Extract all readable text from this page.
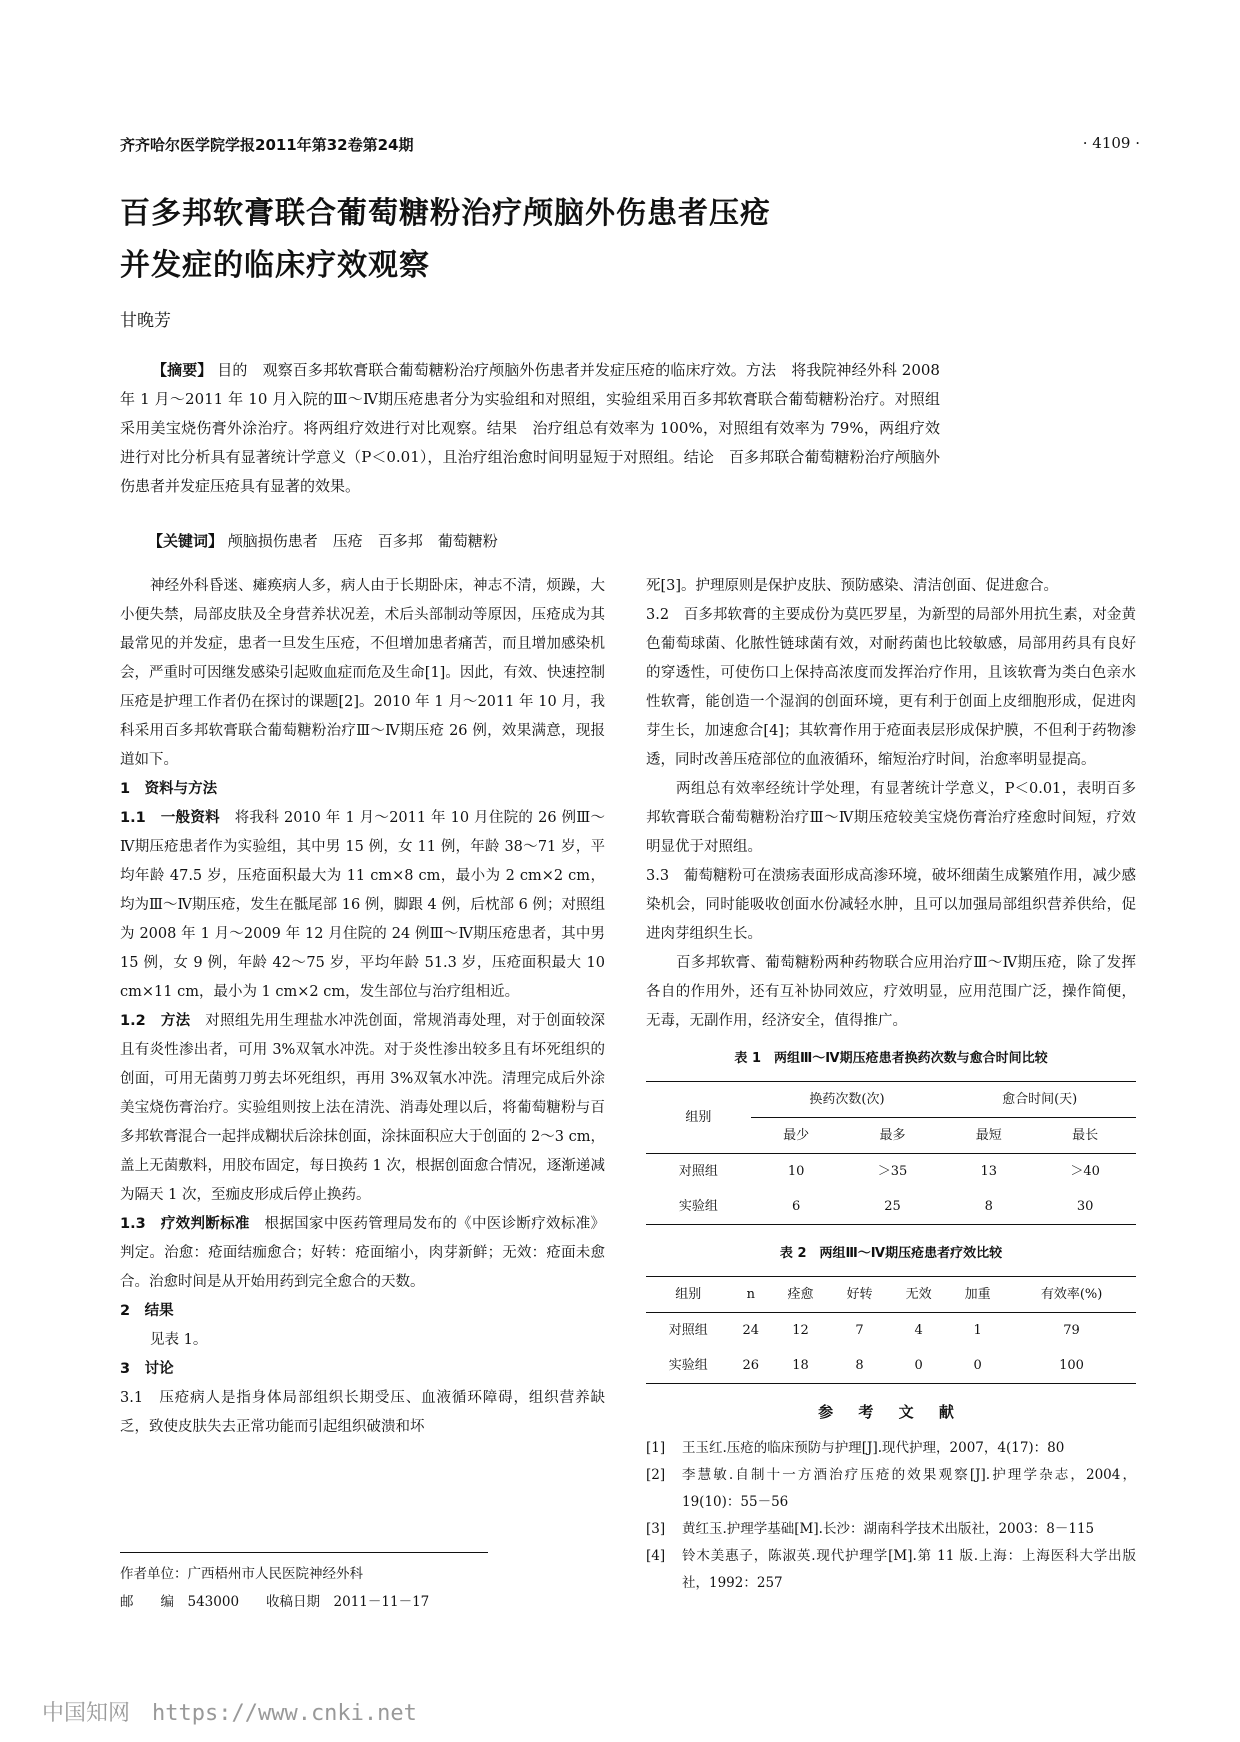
齐齐哈尔医学院学报2011年第32卷第24期	· 4109 ·
百多邦软膏联合葡萄糖粉治疗颅脑外伤患者压疮
并发症的临床疗效观察
甘晚芳
【摘要】 目的　观察百多邦软膏联合葡萄糖粉治疗颅脑外伤患者并发症压疮的临床疗效。方法　将我院神经外科 2008 年 1 月～2011 年 10 月入院的Ⅲ～Ⅳ期压疮患者分为实验组和对照组，实验组采用百多邦软膏联合葡萄糖粉治疗。对照组采用美宝烧伤膏外涂治疗。将两组疗效进行对比观察。结果　治疗组总有效率为 100%，对照组有效率为 79%，两组疗效进行对比分析具有显著统计学意义（P＜0.01），且治疗组治愈时间明显短于对照组。结论　百多邦联合葡萄糖粉治疗颅脑外伤患者并发症压疮具有显著的效果。
【关键词】 颅脑损伤患者　压疮　百多邦　葡萄糖粉

神经外科昏迷、瘫痪病人多，病人由于长期卧床，神志不清，烦躁，大小便失禁，局部皮肤及全身营养状况差，术后头部制动等原因，压疮成为其最常见的并发症，患者一旦发生压疮，不但增加患者痛苦，而且增加感染机会，严重时可因继发感染引起败血症而危及生命[1]。因此，有效、快速控制压疮是护理工作者仍在探讨的课题[2]。2010 年 1 月～2011 年 10 月，我科采用百多邦软膏联合葡萄糖粉治疗Ⅲ～Ⅳ期压疮 26 例，效果满意，现报道如下。

1　资料与方法

1.1　一般资料　 将我科 2010 年 1 月～2011 年 10 月住院的 26 例Ⅲ～Ⅳ期压疮患者作为实验组，其中男 15 例，女 11 例，年龄 38～71 岁，平均年龄 47.5 岁，压疮面积最大为 11 cm×8 cm，最小为 2 cm×2 cm，均为Ⅲ～Ⅳ期压疮，发生在骶尾部 16 例，脚跟 4 例，后枕部 6 例；对照组为 2008 年 1 月～2009 年 12 月住院的 24 例Ⅲ～Ⅳ期压疮患者，其中男 15 例，女 9 例，年龄 42～75 岁，平均年龄 51.3 岁，压疮面积最大 10 cm×11 cm，最小为 1 cm×2 cm，发生部位与治疗组相近。

1.2　方法　 对照组先用生理盐水冲洗创面，常规消毒处理，对于创面较深且有炎性渗出者，可用 3%双氧水冲洗。对于炎性渗出较多且有坏死组织的创面，可用无菌剪刀剪去坏死组织，再用 3%双氧水冲洗。清理完成后外涂美宝烧伤膏治疗。实验组则按上法在清洗、消毒处理以后，将葡萄糖粉与百多邦软膏混合一起拌成糊状后涂抹创面，涂抹面积应大于创面的 2～3 cm，盖上无菌敷料，用胶布固定，每日换药 1 次，根据创面愈合情况，逐渐递减为隔天 1 次，至痂皮形成后停止换药。

1.3　疗效判断标准　 根据国家中医药管理局发布的《中医诊断疗效标准》判定。治愈：疮面结痂愈合；好转：疮面缩小，肉芽新鲜；无效：疮面未愈合。治愈时间是从开始用药到完全愈合的天数。

2　结果

见表 1。

3　讨论

3.1　 压疮病人是指身体局部组织长期受压、血液循环障碍，组织营养缺乏，致使皮肤失去正常功能而引起组织破溃和坏

死[3]。护理原则是保护皮肤、预防感染、清洁创面、促进愈合。

3.2　 百多邦软膏的主要成份为莫匹罗星，为新型的局部外用抗生素，对金黄色葡萄球菌、化脓性链球菌有效，对耐药菌也比较敏感，局部用药具有良好的穿透性，可使伤口上保持高浓度而发挥治疗作用，且该软膏为类白色亲水性软膏，能创造一个湿润的创面环境，更有利于创面上皮细胞形成，促进肉芽生长，加速愈合[4]；其软膏作用于疮面表层形成保护膜，不但利于药物渗透，同时改善压疮部位的血液循环，缩短治疗时间，治愈率明显提高。

两组总有效率经统计学处理，有显著统计学意义，P＜0.01，表明百多邦软膏联合葡萄糖粉治疗Ⅲ～Ⅳ期压疮较美宝烧伤膏治疗痊愈时间短，疗效明显优于对照组。

3.3　 葡萄糖粉可在溃疡表面形成高渗环境，破坏细菌生成繁殖作用，减少感染机会，同时能吸收创面水份减轻水肿，且可以加强局部组织营养供给，促进肉芽组织生长。

百多邦软膏、葡萄糖粉两种药物联合应用治疗Ⅲ～Ⅳ期压疮，除了发挥各自的作用外，还有互补协同效应，疗效明显，应用范围广泛，操作简便，无毒，无副作用，经济安全，值得推广。

表 1　两组Ⅲ～Ⅳ期压疮患者换药次数与愈合时间比较
组别	换药次数(次)		愈合时间(天)	
	最少	最多	最短	最长
对照组	10	＞35	13	＞40
实验组	6	25	8	30
表 2　两组Ⅲ～Ⅳ期压疮患者疗效比较
组别	n	痊愈	好转	无效	加重	有效率(%)
对照组	24	12	7	4	1	79
实验组	26	18	8	0	0	100
参 考 文 献
[1]	王玉红.压疮的临床预防与护理[J].现代护理，2007，4(17)：80
[2]	李慧敏.自制十一方酒治疗压疮的效果观察[J].护理学杂志，2004，19(10)：55－56
[3]	黄红玉.护理学基础[M].长沙：湖南科学技术出版社，2003：8－115
[4]	铃木美惠子，陈淑英.现代护理学[M].第 11 版.上海：上海医科大学出版社，1992：257
作者单位：广西梧州市人民医院神经外科
邮　　编　543000　　收稿日期　2011－11－17
中国知网　https://www.cnki.net
